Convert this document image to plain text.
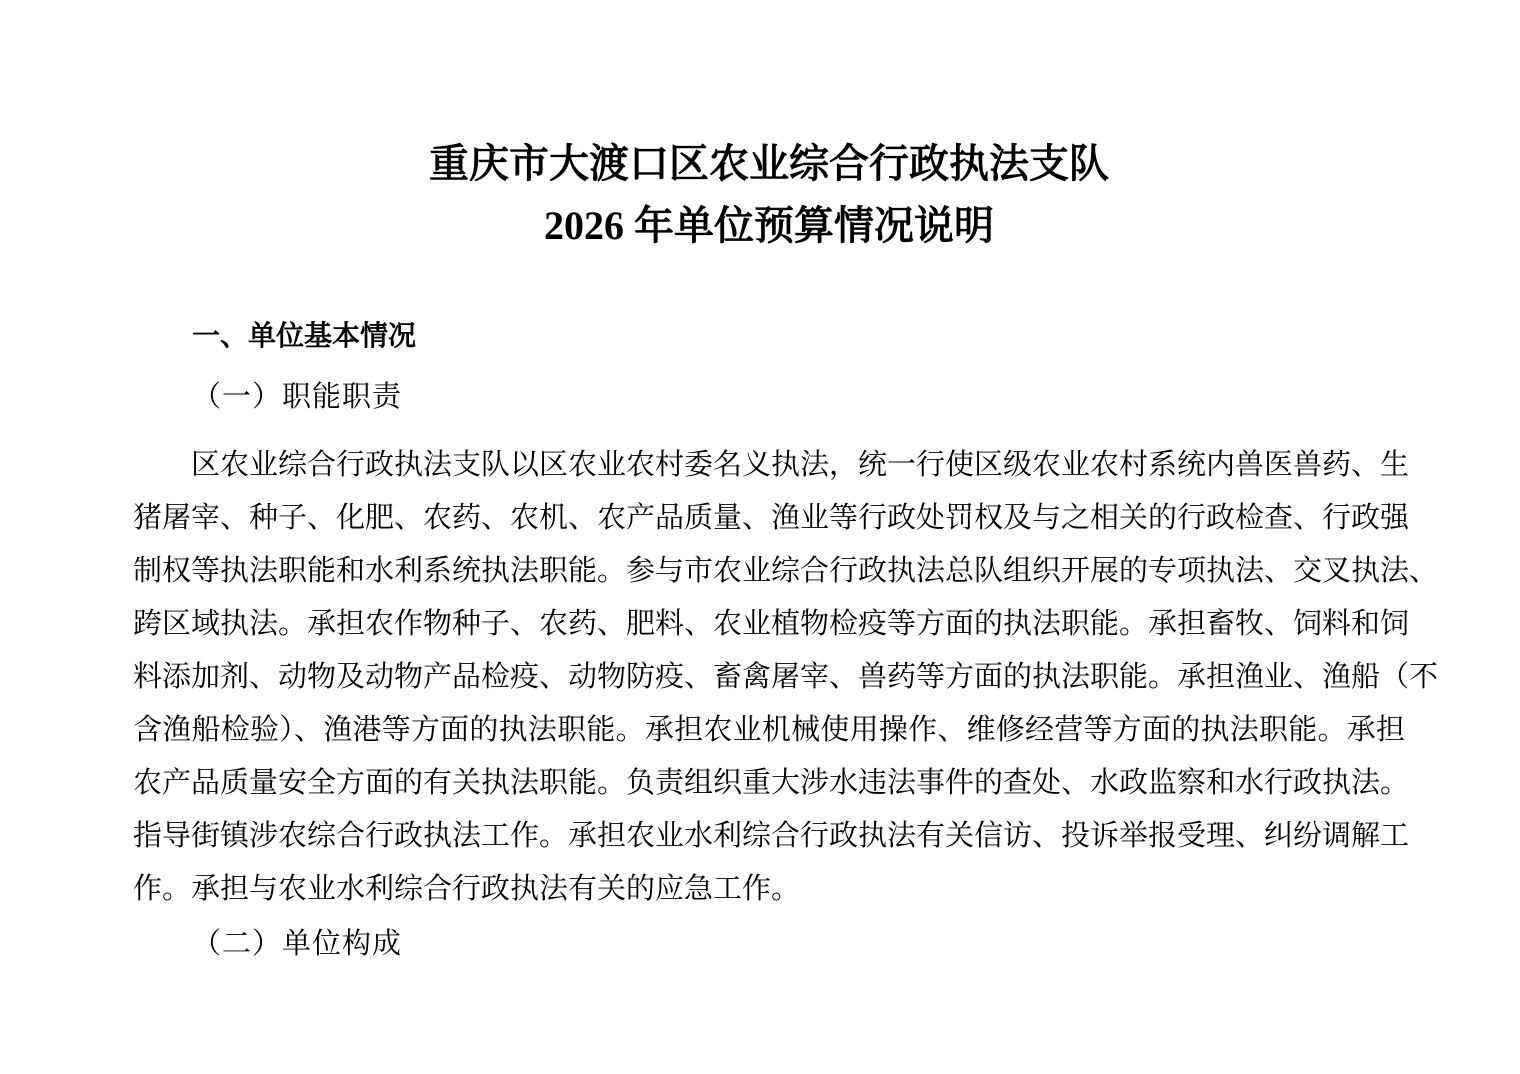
重庆市大渡口区农业综合行政执法支队
2026 年单位预算情况说明
一、单位基本情况
（一）职能职责

区农业综合行政执法支队以区农业农村委名义执法，统一行使区级农业农村系统内兽医兽药、生

猪屠宰、种子、化肥、农药、农机、农产品质量、渔业等行政处罚权及与之相关的行政检查、行政强

制权等执法职能和水利系统执法职能。参与市农业综合行政执法总队组织开展的专项执法、交叉执法、

跨区域执法。承担农作物种子、农药、肥料、农业植物检疫等方面的执法职能。承担畜牧、饲料和饲

料添加剂、动物及动物产品检疫、动物防疫、畜禽屠宰、兽药等方面的执法职能。承担渔业、渔船（不

含渔船检验）、渔港等方面的执法职能。承担农业机械使用操作、维修经营等方面的执法职能。承担

农产品质量安全方面的有关执法职能。负责组织重大涉水违法事件的查处、水政监察和水行政执法。

指导街镇涉农综合行政执法工作。承担农业水利综合行政执法有关信访、投诉举报受理、纠纷调解工

作。承担与农业水利综合行政执法有关的应急工作。

（二）单位构成
